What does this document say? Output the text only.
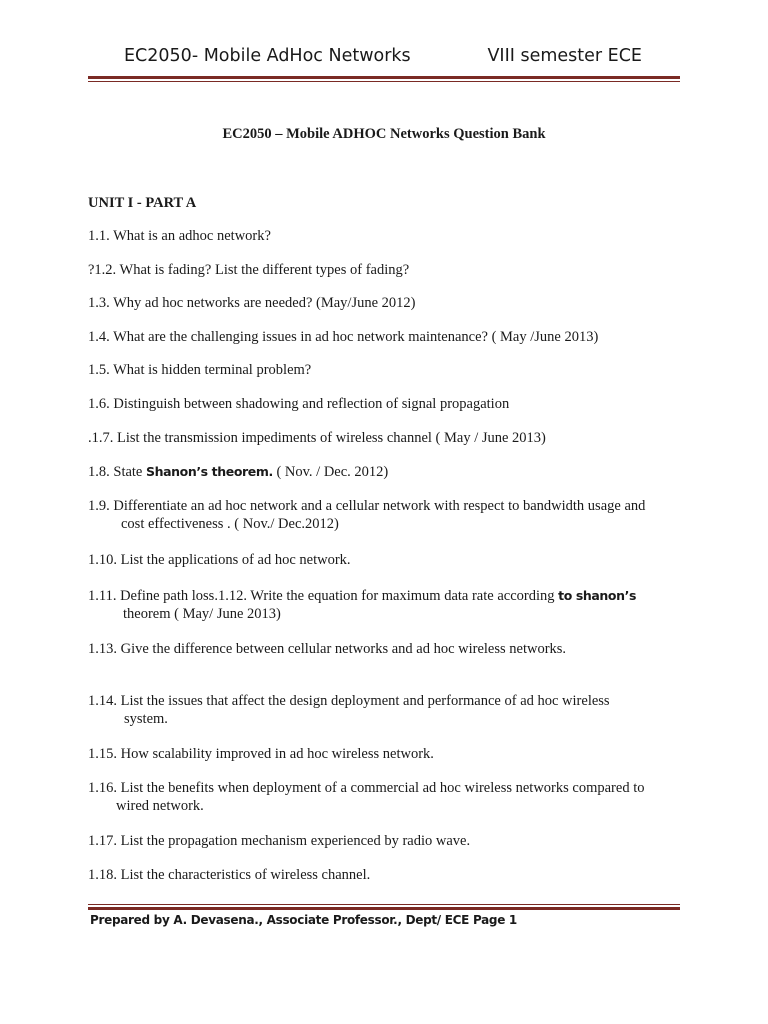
EC2050- Mobile AdHoc Networks	VIII semester ECE
EC2050 – Mobile ADHOC Networks Question Bank
UNIT I - PART A
1.1. What is an adhoc network?
?1.2. What is fading? List the different types of fading?
1.3. Why ad hoc networks are needed? (May/June 2012)
1.4. What are the challenging issues in ad hoc network maintenance? ( May /June 2013)
1.5. What is hidden terminal problem?
1.6. Distinguish between shadowing and reflection of signal propagation
.1.7. List the transmission impediments of wireless channel ( May / June 2013)
1.8. State Shanon’s theorem. ( Nov. / Dec. 2012)
1.9. Differentiate an ad hoc network and a cellular network with respect to bandwidth usage and
cost effectiveness . ( Nov./ Dec.2012)
1.10. List the applications of ad hoc network.
1.11. Define path loss.1.12. Write the equation for maximum data rate according to shanon’s
theorem ( May/ June 2013)
1.13. Give the difference between cellular networks and ad hoc wireless networks.
1.14. List the issues that affect the design deployment and performance of ad hoc wireless
system.
1.15. How scalability improved in ad hoc wireless network.
1.16. List the benefits when deployment of a commercial ad hoc wireless networks compared to
wired network.
1.17. List the propagation mechanism experienced by radio wave.
1.18. List the characteristics of wireless channel.
Prepared by A. Devasena., Associate Professor., Dept/ ECE Page 1
